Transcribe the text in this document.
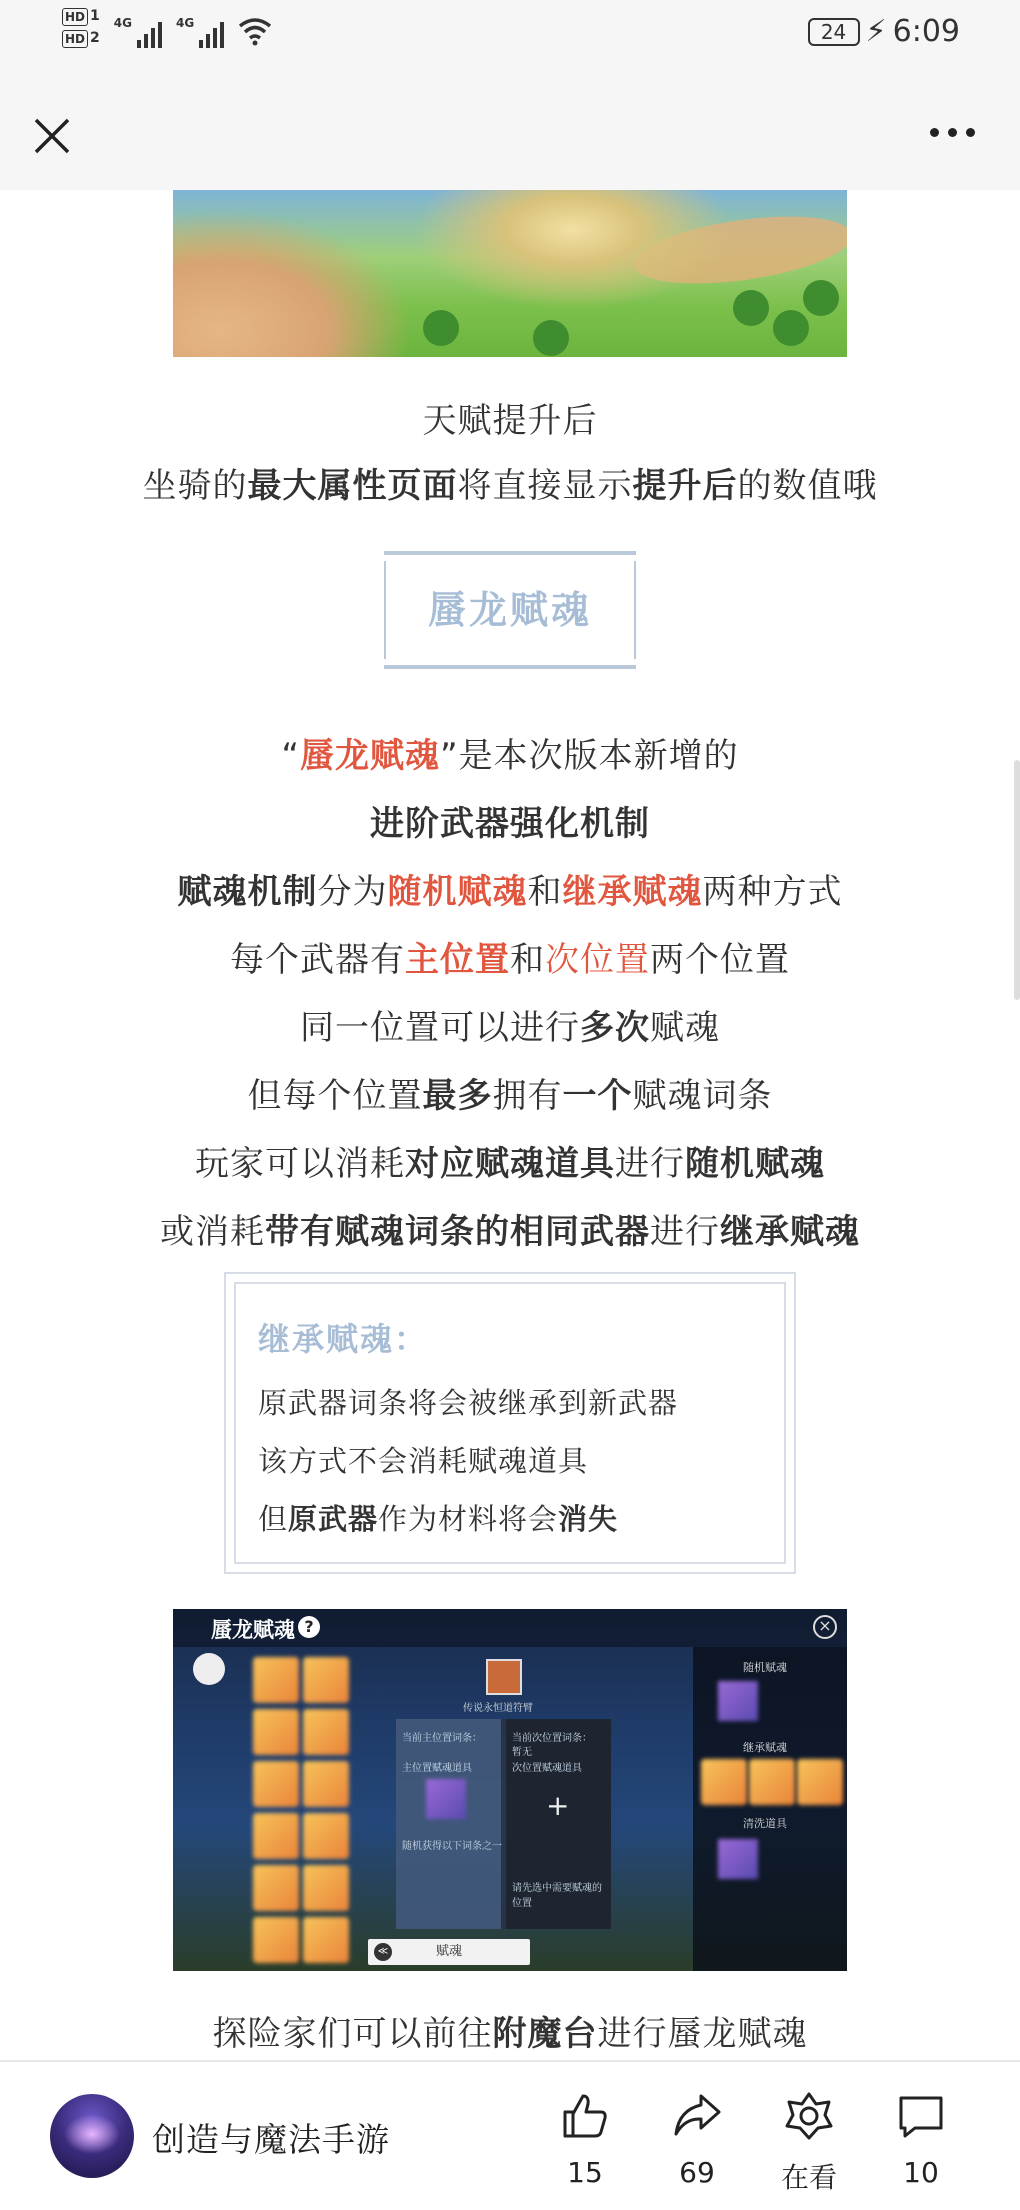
HD 1
HD 2
4G	4G	24 ⚡ 6:09
天赋提升后
坐骑的最大属性页面将直接显示提升后的数值哦
蜃龙赋魂
“蜃龙赋魂”是本次版本新增的
进阶武器强化机制
赋魂机制分为随机赋魂和继承赋魂两种方式
每个武器有主位置和次位置两个位置
同一位置可以进行多次赋魂
但每个位置最多拥有一个赋魂词条
玩家可以消耗对应赋魂道具进行随机赋魂
或消耗带有赋魂词条的相同武器进行继承赋魂
继承赋魂：
原武器词条将会被继承到新武器
该方式不会消耗赋魂道具
但原武器作为材料将会消失
蜃龙赋魂 ?	×
传说永恒道符臂
当前主位置词条：	当前次位置词条：
暂无
主位置赋魂道具	次位置赋魂道具
+
随机获得以下词条之一
请先选中需要赋魂的位置
随机赋魂
继承赋魂
清洗道具
≪	赋魂
探险家们可以前往附魔台进行蜃龙赋魂
创造与魔法手游
15	69	在看	10
